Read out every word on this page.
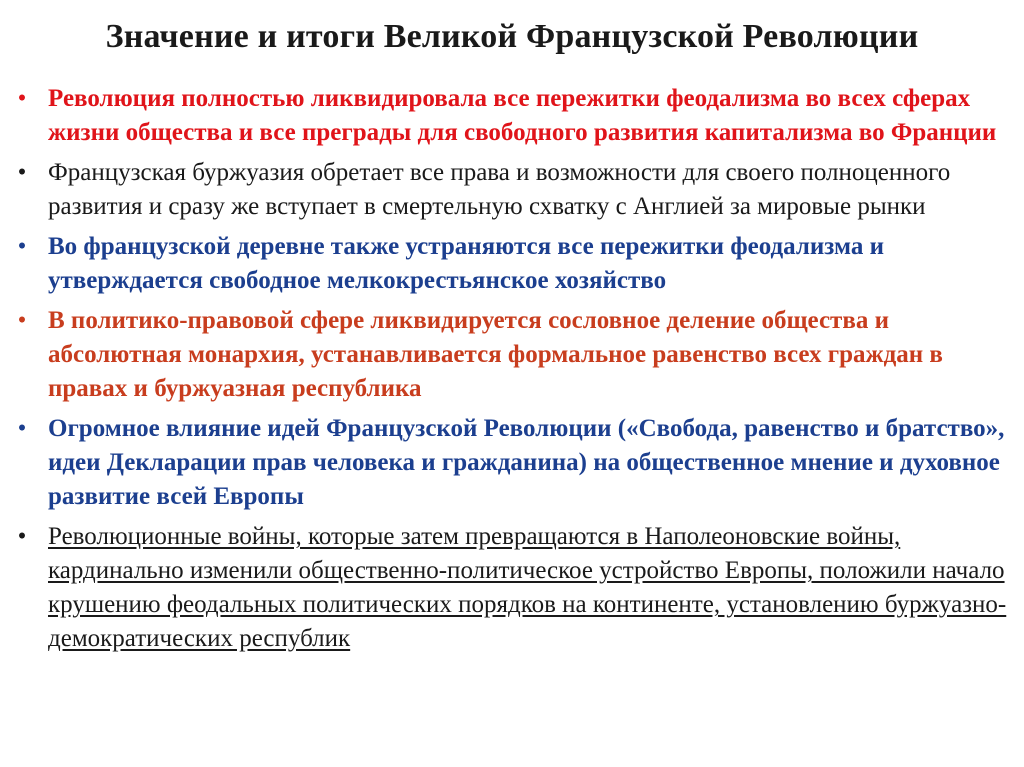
Значение и итоги Великой Французской Революции
• Революция полностью ликвидировала все пережитки феодализма во всех сферах жизни общества и все преграды для свободного развития капитализма во Франции
• Французская буржуазия обретает все права и возможности для своего полноценного развития и сразу же вступает в смертельную схватку с Англией за мировые рынки
• Во французской деревне также устраняются все пережитки феодализма и утверждается свободное мелкокрестьянское хозяйство
• В политико-правовой сфере ликвидируется сословное деление общества и абсолютная монархия, устанавливается формальное равенство всех граждан в правах и буржуазная республика
• Огромное влияние идей Французской Революции («Свобода, равенство и братство», идеи Декларации прав человека и гражданина) на общественное мнение и духовное развитие всей Европы
• Революционные войны, которые затем превращаются в Наполеоновские войны, кардинально изменили общественно-политическое устройство Европы, положили начало крушению феодальных политических порядков на континенте, установлению буржуазно-демократических республик
